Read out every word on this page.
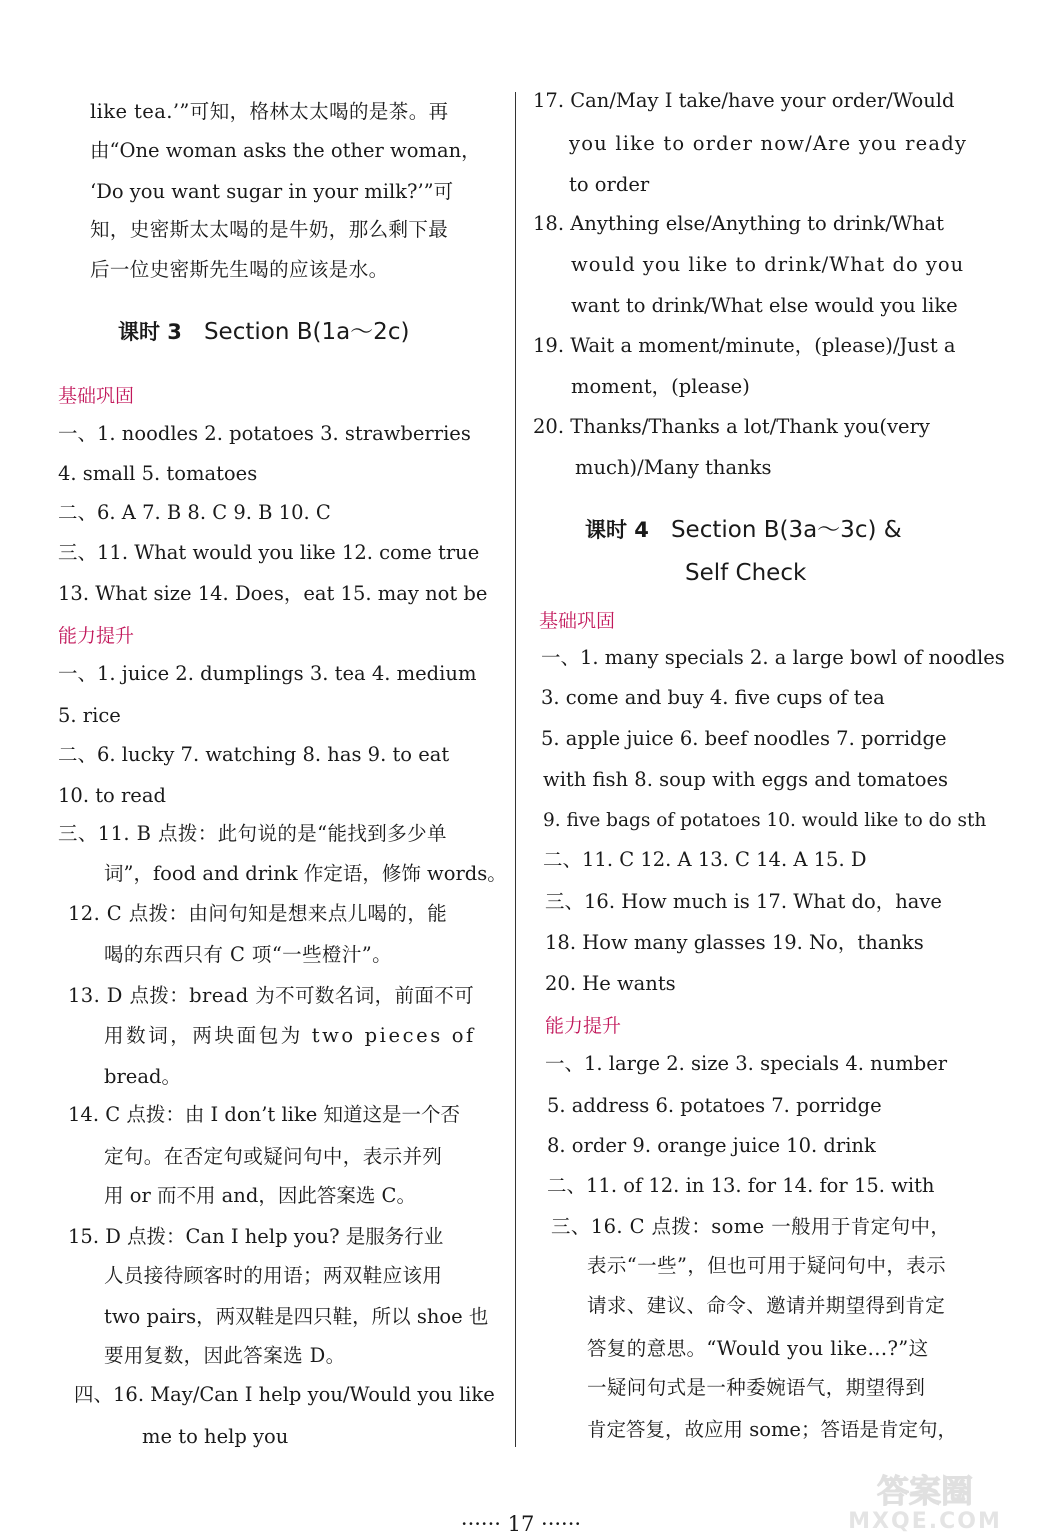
like tea.’”可知，格林太太喝的是茶。再
由“One woman asks the other woman，
‘Do you want sugar in your milk?’”可
知，史密斯太太喝的是牛奶，那么剩下最
后一位史密斯先生喝的应该是水。
课时 3 Section B(1a～2c)
基础巩固
一、1. noodles 2. potatoes 3. strawberries
4. small 5. tomatoes
二、6. A 7. B 8. C 9. B 10. C
三、11. What would you like 12. come true
13. What size 14. Does，eat 15. may not be
能力提升
一、1. juice 2. dumplings 3. tea 4. medium
5. rice
二、6. lucky 7. watching 8. has 9. to eat
10. to read
三、11. B 点拨：此句说的是“能找到多少单
词”，food and drink 作定语，修饰 words。
12. C 点拨：由问句知是想来点儿喝的，能
喝的东西只有 C 项“一些橙汁”。
13. D 点拨：bread 为不可数名词，前面不可
用数词，两块面包为 two pieces of
bread。
14. C 点拨：由 I don’t like 知道这是一个否
定句。在否定句或疑问句中，表示并列
用 or 而不用 and，因此答案选 C。
15. D 点拨：Can I help you? 是服务行业
人员接待顾客时的用语；两双鞋应该用
two pairs，两双鞋是四只鞋，所以 shoe 也
要用复数，因此答案选 D。
四、16. May/Can I help you/Would you like
me to help you
17. Can/May I take/have your order/Would
you like to order now/Are you ready
to order
18. Anything else/Anything to drink/What
would you like to drink/What do you
want to drink/What else would you like
19. Wait a moment/minute，(please)/Just a
moment，(please)
20. Thanks/Thanks a lot/Thank you(very
much)/Many thanks
课时 4 Section B(3a～3c) &
Self Check
基础巩固
一、1. many specials 2. a large bowl of noodles
3. come and buy 4. five cups of tea
5. apple juice 6. beef noodles 7. porridge
with fish 8. soup with eggs and tomatoes
9. five bags of potatoes 10. would like to do sth
二、11. C 12. A 13. C 14. A 15. D
三、16. How much is 17. What do，have
18. How many glasses 19. No，thanks
20. He wants
能力提升
一、1. large 2. size 3. specials 4. number
5. address 6. potatoes 7. porridge
8. order 9. orange juice 10. drink
二、11. of 12. in 13. for 14. for 15. with
三、16. C 点拨：some 一般用于肯定句中，
表示“一些”，但也可用于疑问句中，表示
请求、建议、命令、邀请并期望得到肯定
答复的意思。“Would you like...?”这
一疑问句式是一种委婉语气，期望得到
肯定答复，故应用 some；答语是肯定句，
······ 17 ······
答案圈
MXQE.COM
